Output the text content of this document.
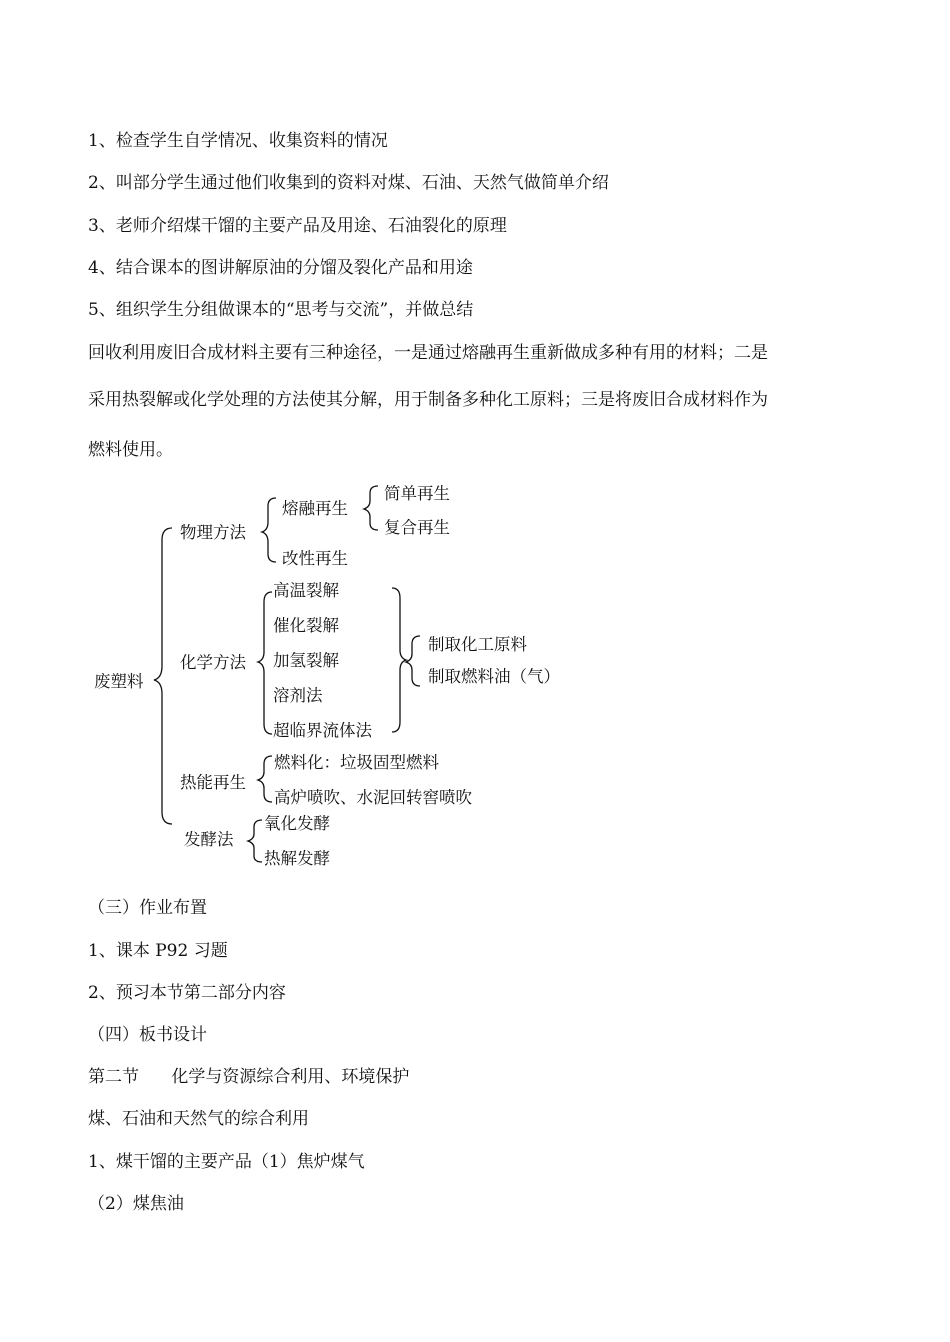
1、检查学生自学情况、收集资料的情况
2、叫部分学生通过他们收集到的资料对煤、石油、天然气做简单介绍
3、老师介绍煤干馏的主要产品及用途、石油裂化的原理
4、结合课本的图讲解原油的分馏及裂化产品和用途
5、组织学生分组做课本的“思考与交流”，并做总结
回收利用废旧合成材料主要有三种途径，一是通过熔融再生重新做成多种有用的材料；二是
采用热裂解或化学处理的方法使其分解，用于制备多种化工原料；三是将废旧合成材料作为
燃料使用。
废塑料
物理方法
熔融再生
简单再生
复合再生
改性再生
化学方法
高温裂解
催化裂解
加氢裂解
溶剂法
超临界流体法
制取化工原料
制取燃料油（气）
热能再生
燃料化：垃圾固型燃料
高炉喷吹、水泥回转窖喷吹
发酵法
氧化发酵
热解发酵
（三）作业布置
1、课本 P92 习题
2、预习本节第二部分内容
（四）板书设计
第二节      化学与资源综合利用、环境保护
煤、石油和天然气的综合利用
1、煤干馏的主要产品（1）焦炉煤气
（2）煤焦油
